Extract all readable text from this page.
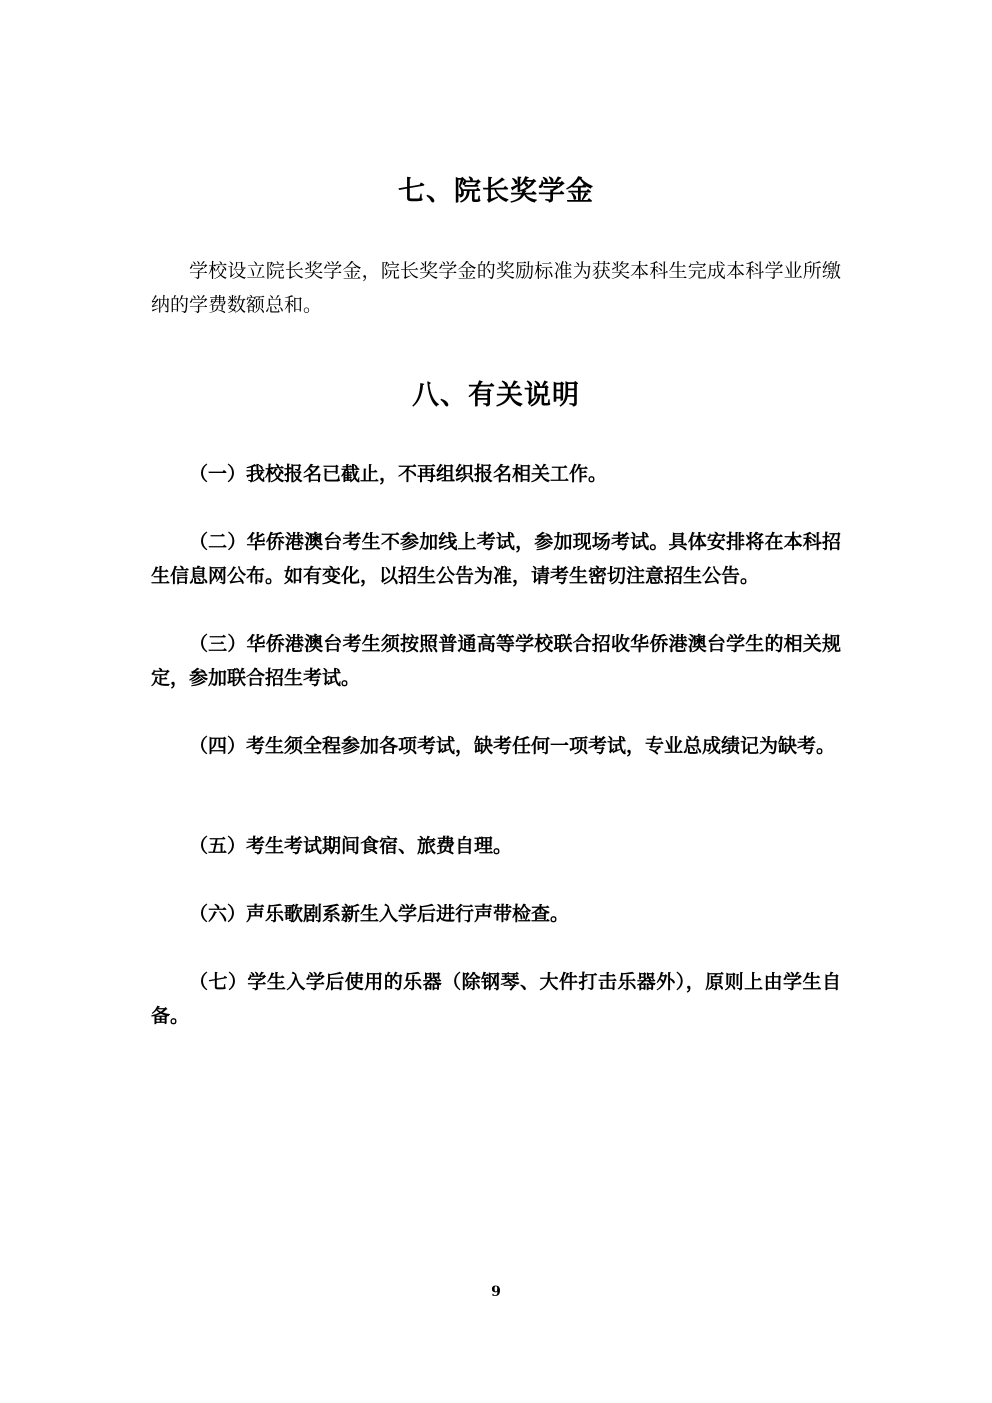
七、院长奖学金
学校设立院长奖学金，院长奖学金的奖励标准为获奖本科生完成本科学业所缴纳的学费数额总和。
八、有关说明
（一）我校报名已截止，不再组织报名相关工作。
（二）华侨港澳台考生不参加线上考试，参加现场考试。具体安排将在本科招生信息网公布。如有变化，以招生公告为准，请考生密切注意招生公告。
（三）华侨港澳台考生须按照普通高等学校联合招收华侨港澳台学生的相关规定，参加联合招生考试。
（四）考生须全程参加各项考试，缺考任何一项考试，专业总成绩记为缺考。
（五）考生考试期间食宿、旅费自理。
（六）声乐歌剧系新生入学后进行声带检查。
（七）学生入学后使用的乐器（除钢琴、大件打击乐器外），原则上由学生自备。
9
